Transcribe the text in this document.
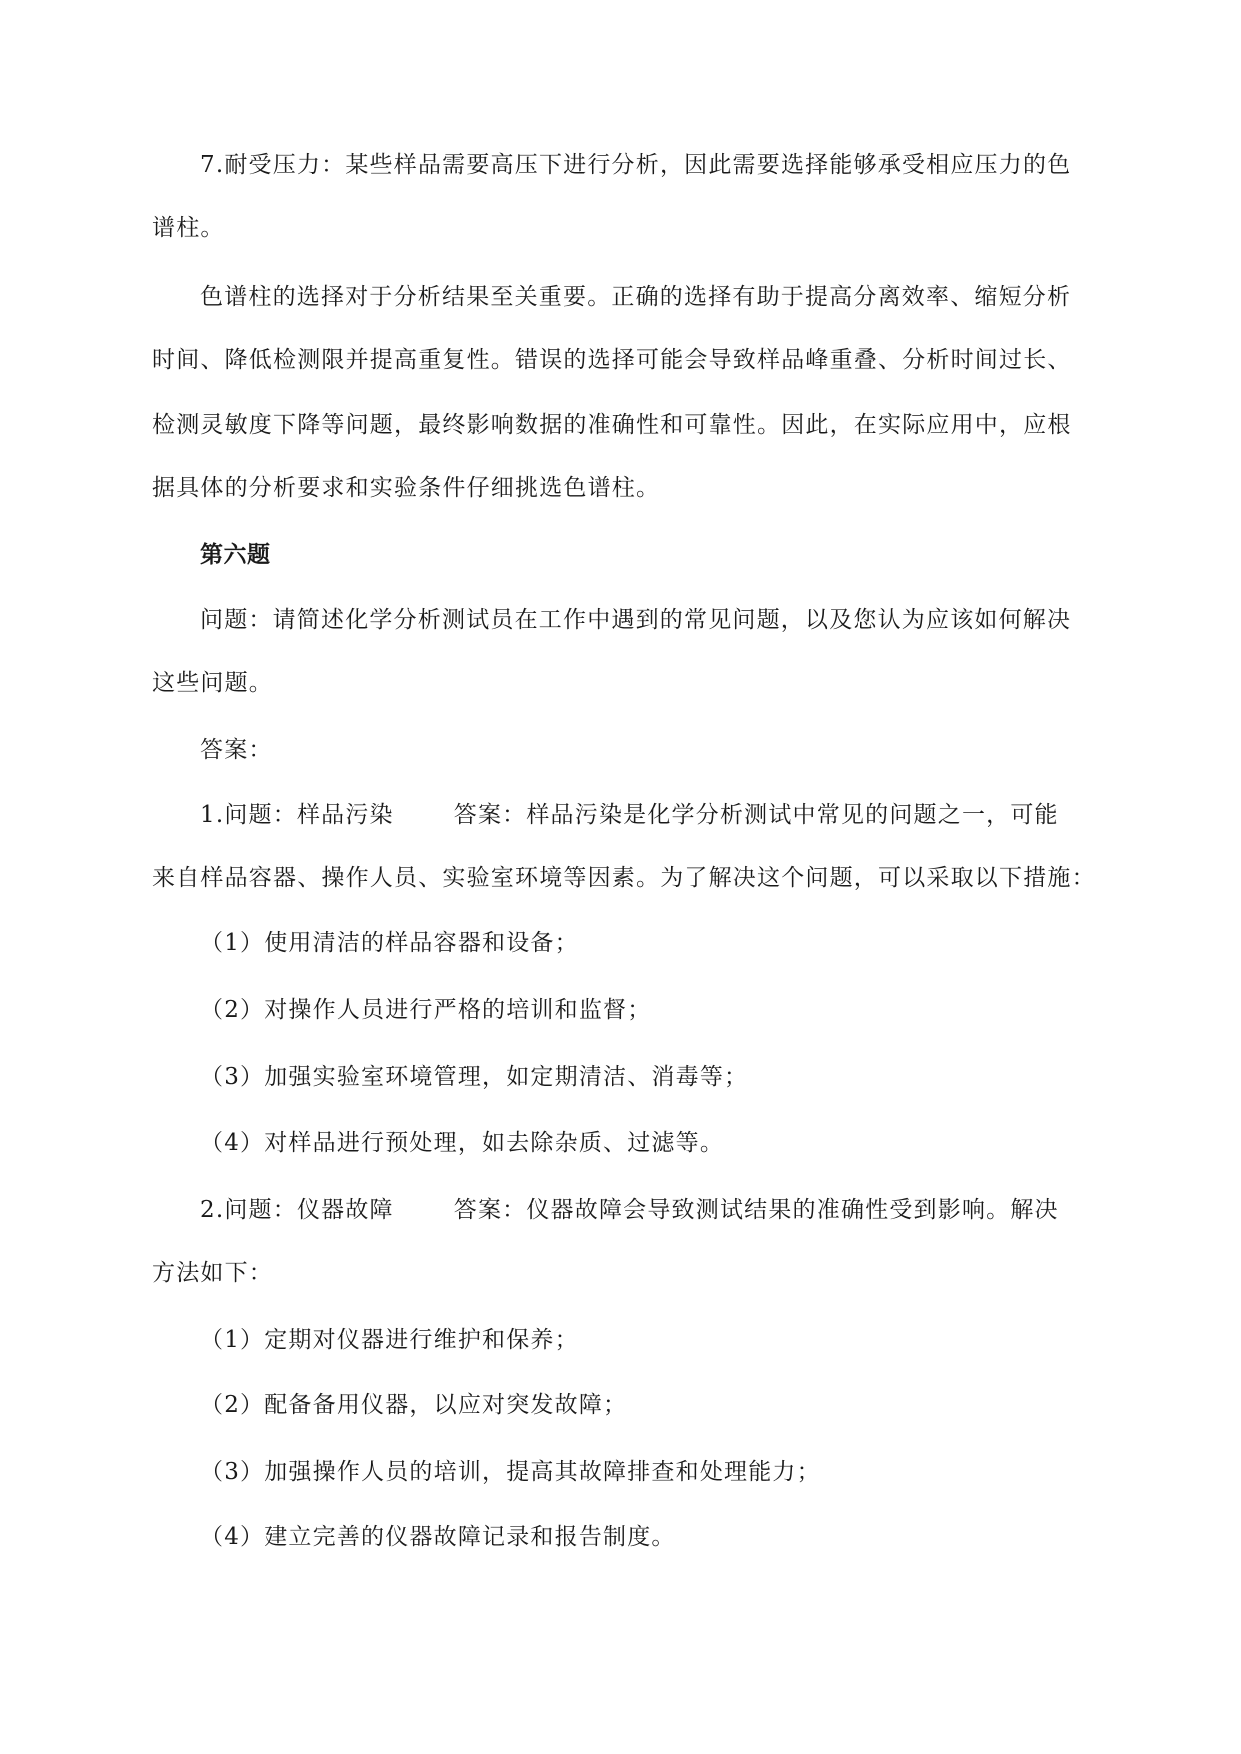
7.耐受压力：某些样品需要高压下进行分析，因此需要选择能够承受相应压力的色
谱柱。
色谱柱的选择对于分析结果至关重要。正确的选择有助于提高分离效率、缩短分析
时间、降低检测限并提高重复性。错误的选择可能会导致样品峰重叠、分析时间过长、
检测灵敏度下降等问题，最终影响数据的准确性和可靠性。因此，在实际应用中，应根
据具体的分析要求和实验条件仔细挑选色谱柱。
第六题
问题：请简述化学分析测试员在工作中遇到的常见问题，以及您认为应该如何解决
这些问题。
答案：
1.问题：样品污染	答案：样品污染是化学分析测试中常见的问题之一，可能
来自样品容器、操作人员、实验室环境等因素。为了解决这个问题，可以采取以下措施：
（1）使用清洁的样品容器和设备；
（2）对操作人员进行严格的培训和监督；
（3）加强实验室环境管理，如定期清洁、消毒等；
（4）对样品进行预处理，如去除杂质、过滤等。
2.问题：仪器故障	答案：仪器故障会导致测试结果的准确性受到影响。解决
方法如下：
（1）定期对仪器进行维护和保养；
（2）配备备用仪器，以应对突发故障；
（3）加强操作人员的培训，提高其故障排查和处理能力；
（4）建立完善的仪器故障记录和报告制度。
